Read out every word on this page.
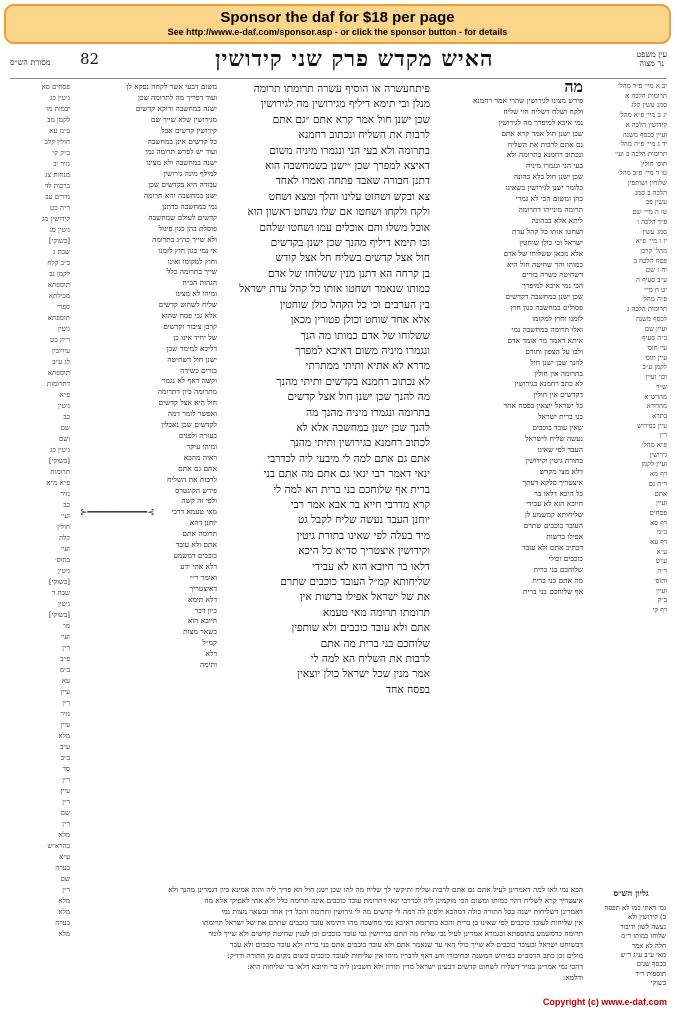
Sponsor the daf for $18 per page
See http://www.e-daf.com/sponsor.asp - or click the sponsor button - for details
עין משפט
נר מצוה
האיש מקדש פרק שני קידושין
82
מסורת הש״ס
יב א מיי׳ פ״ד מהל׳
תרומות הלכה א
סמג עשין קלג
יג ב מיי׳ פ״א מהל׳
קידושין הלכה א
ועיין בכסף משנה
יד ג מיי׳ פ״ה מהל׳
תרומות הלכה ב ועי׳
תוס׳ חולין
טו ד מיי׳ פ״ב מהל׳
שלוחין ושותפין
הלכה ב סמג
עשין פב
טז ה מיי׳ שם
פ״ד הלכה ו
סמג עשין
יז ו מיי׳ פ״א
מהל׳ קרבן
פסח הלכה ב
יח ז שם
ע״ב סעיף ה
יט ח מיי׳
פ״ה מהל׳
תרומות הלכה ג
לכסף משנה
ועיין שם
ב״ה סעיף
עי׳ תוס׳
עיין תוס׳
לקמן ע״ב
וכו׳ ועיין
ש״ך
מהרש״א
מהדורא
בתרא
עיין בפירוש
ר״ן
פ״א מהל׳
גירושין
ועיין לקמן
דף מא
ד״ה גם
אתם
ועיין
פסחים
דף סא
ב״מ
דף עא
ע״א
ע״ש
ד״ה
ותוס׳
ועיין
ב״ק
דף קי
מה
פירש מצינו לגירושין שהרי אמר רחמנא
ולקח ושלח דשליח הוי שליח
נמי איכא למיפרך מה לגירושין
שכן ישנן חול אמר קרא אתם
גם אתם לרבות את השליח
ונכתוב רחמנא בתרומה ולא
בעי הני ונגמרו מיניה
שכן ישנן חול בלא כהונה
כלומר ישנן לגירושין בשאינו
כהן ומשום הכי לא גמרי
תרומה מינייהו דתרומה
ליתא אלא בכהונה
ושחטו אותו כל קהל עדת
ישראל וכי כולן שוחטין
אלא מכאן ששלוחו של אדם
כמותו והך שחיטה חול היא
דשחיטה כשרה בזרים
הכי נמי איכא למיפרך
שכן ישנן במחשבה דקדשים
פסולים במחשבה כגון חוץ
לזמנו וחוץ למקומו
ואלו תרומה במחשבה נמי
איתא דאמר מר אומד אדם
ולבו על הצפון ותורם
להנך שכן ישנן חול
בתרומה אין חולין
לא כתב רחמנא בגירושין
דקדשים אין חולין
כל ישראל יוצאין בפסח אחד
בני ברית ישראל
שאין עובד כוכבים
נעשה שליח לישראל
העבד לפי שאינו
בתורת גיטין וקידושין
דלא מצי מקדש
איצטריך סלקא דעתך
כל היכא דלאו בר
חיובא הוא לא עבידי
שליחותא קמשמע לן
העובד כוכבים שתרם
אפילו ברשות
דכתיב אתם ולא עובד
כוכבים וכולי
שלוחכם בני ברית
מה אתם בני ברית
אף שלוחכם בני ברית
פיתחעשרה או הוסיף עשרה תרומתו תרומה
מנלן ובי תימא דיליף מגירושין מה לגירושין
שכן ישנן חול אמר קרא אתם ״גם אתם
לרבות את השליח ונכתוב רחמנא
בתרומה ולא בעי הני ונגמרו מיניה משום
דאיצא למפרך שכן ״ישנן בשמחשבה הוא
דתנן חבורה שאבד פתחה ואמרו לאחד
צא ובקש ושחוט עלינו והלך ומצא ושחט
ולקח ולקחו ושחטו אם שלו נשחט ראשון הוא
אוכל משלו והם אוכלים עמו ושחטו שלהם
וכו תימא דיליף מהנך שכן ישנן בקדשים
חול אצל קדשים בשליח חל אצל קודש
בן קרחה הא דתנן מנין ששלוחו של אדם
כמותו שנאמר ושחטו אותו כל קהל עדת ישראל
בין הערבים וכי כל הקהל כולן שוחטין
אלא אחד שוחט וכולן פטורין מכאן
ששלוחו של אדם כמותו מה הנך
ונגמרו מיניה משום דאיכא למפרך
מדרא לא אתיא ותיתי ממתרתי
לא נכתוב רחמנא בקדשים ותיתי מהנך
מה להנך שכן ישנן חול אצל קדשים
בתרומה ונגמרו מיניה מהנך מה
להנך שכן ישנן במחשבה אלא לא
לכתוב רחמנא בגירושין ותיתי מהנך
אתם גם אתם למה לי מיבעי ליה לכדרבי
ינאי דאמר רבי ינאי גם אתם מה אתם בני
ברית אף שלוחכם בני ברית הא למה לי
קרא מדרבי חייא בר אבא אמר רבי
יוחנן העבד נעשה שליח לקבל גט
מיד בעלה לפי שאינו בתורת גיטין
וקידושין איצטריך סד״א כל היכא
דלאו בר חיובא הוא לא עבידי
שליחותא קמ״ל העובד כוכבים שתרם
את של ישראל אפילו ברשות אין
תרומתו תרומה מאי טעמא
אתם ולא עובד כוכבים ולא שותפין
שלוחכם בני ברית מה אתם
לרבות את השליח הא למה לי
אמר מנין שכל ישראל כולן יוצאין
בפסח אחד
משום דבעי אשר לקחה נפקא לן
ועוד דפריך מה לתרומה שכן
ישנה במחשבה ודוקא קדשים
מגירושין שלא שייך שם
קידושין קדשים אבל
כל קדשים אינן במחשבה
ועוד יש לפרש תרומה נמי
ישנה במחשבה ולא מצינו
למילף מינה גירושין
עבודה היא בקדשים שכן
ישנן במחשבה והא תרומה
נמי במחשבה כדתנן
קדשים לעולם שמחשבה
פוסלת בהן כגון פיגול
ולא שייך כה״ג בתרומה
אי נמי כגון חוץ לזמנו
וחוץ למקומו ואינו
שייך בתרומה כלל
הגהות הב״ח
ומיהו לא מצינו
שליח לשחוט קדשים
אלא גבי פסח שהוא
קרבן ציבור וקדשים
של יחיד אינו כן
דליכא למימר שכן
ישנן חול דשחיטה
בזרים כשירה
וקשה דאף לא נגמר
מתרומה כיון דתרומה
חול היא אצל קדשים
ואפשר לומר דמה
לקדשים שכן נאכלין
בעזרה ולפנים
ומיהו עיקר
ראיה מהכא
אתם גם אתם
לרבות את השליח
פירש הקונטרס
ולפי זה קשה
מאי טעמא דרבי
יוחנן דהא
תרומה אתם
אתם ולא עובד
כוכבים דמשמע
דלא אתי ידע
ואומר ר״י
דאיצטריך
דלא תימא
כיון דבר
חיובא הוא
בשאר מצות
קמ״ל
דלא
ותימה
פסחים סא
גיטין כג
יבמות מו
לקמן מב
ב״מ עא
חולין קלב
ב״ק קי
נזיר יב
מנחות צג
ברכות לד
נדרים עב
ר״ה כט
קידושין מג
גיטין סג
[בשוקי]
שבת ג
ב״ב קלח
לקמן נב
תוספתא
מכילתא
ספרי
תוספתא
גיטין
ר״ה כט
עירובין
לג ע״ב
תוספתא
דתרומות
פ״א
גיטין
כב
שם
ושם
גיטין כג
[בשוקי]
תרומות
פ״א מ״א
נזיר
כב
ועי׳
חולין
קלה
ועי׳
בתוס׳
גיטין
[בשוקי]
שבת ד
גיטין
[בשוקי]
מו׳
ועי׳
ר״ן
פ״ב
ב״מ
עא
עיין
ר״ן
נזיר
עיין
מלא
ע״ב
ב״ב
סד
ר״ן
עיין
ר״ן
שם
ר״ן
מלא
בהרא״ש
ע״א
בערה
שם
ר״ן
מלא
מלא
בערה
מלא
הכא נמי לאו למה דאמרינן לעיל אתם גם אתם לרבות שליח ותיקשי לך שליח מה להו שכן ישנן חול הא פריך ליה והוה אמינא כיון דגמרינן מהנך ולא
איצטריך קרא לשליח דהוי כמותו ומשום הכי מוקמינן ליה לכדרבי ינאי דתרומת עובד כוכבים אינה תרומה כלל ולא אתי לאפוקי אלא מה
דאמרינן דשליחות ישנה בכל התורה כולה דמהכא ילפינן לה דמה לי קדשים מה לי גירושין ותרומה והכל דין אחד ובשאר מצות נמי
אין שליחות לעובד כוכבים לפי שאינו בן ברית והכא בתרומה דאיכא נמי מחשבה מהו דתימא עובד כוכבים שתרם את של ישראל תרומתו
תרומה כדמשמע בתוספתא ובגמרא אמרינן לעיל גבי שליח מה התם בגירושין גבי עובד כוכבים וכן לענין שחיטת קדשים ולא שייך לומר
דבשוחט ישראל ובעובד כוכבים לא שייך כולי האי עד שנאמר אתם ולא עובד כוכבים אתם בני ברית ולא עובד כוכבים ולא עבד
מולים וכן כתב הרמב״ם בפירוש המשנה ובחיבורו ודע דאף לדבריו מיהו אין שליחות לעובד כוכבים בשום מקום מן התורה ודו״ק:
דהכי נמי אמרינן בנזיר דשליח לשחוט קדשים דבעינן ישראל מדין תורה ולא חשבינן ליה בר חיובא דלאו בר שליחות היא:
ודלמא:
גליון הש״ס
גמ׳ דאתי כמו לא תפסה
ב) קידושין ולא
נעשה לשון ודיבור
שלוחו כמותו ר״מ
חלה לא אמר
מאי ע״ב ע״ג ר״ש
בכסף שנים
תוספות ר״ד
בשוקי
⊱━━━━━━━━━━━⊰
Copyright (c) www.e-daf.com
